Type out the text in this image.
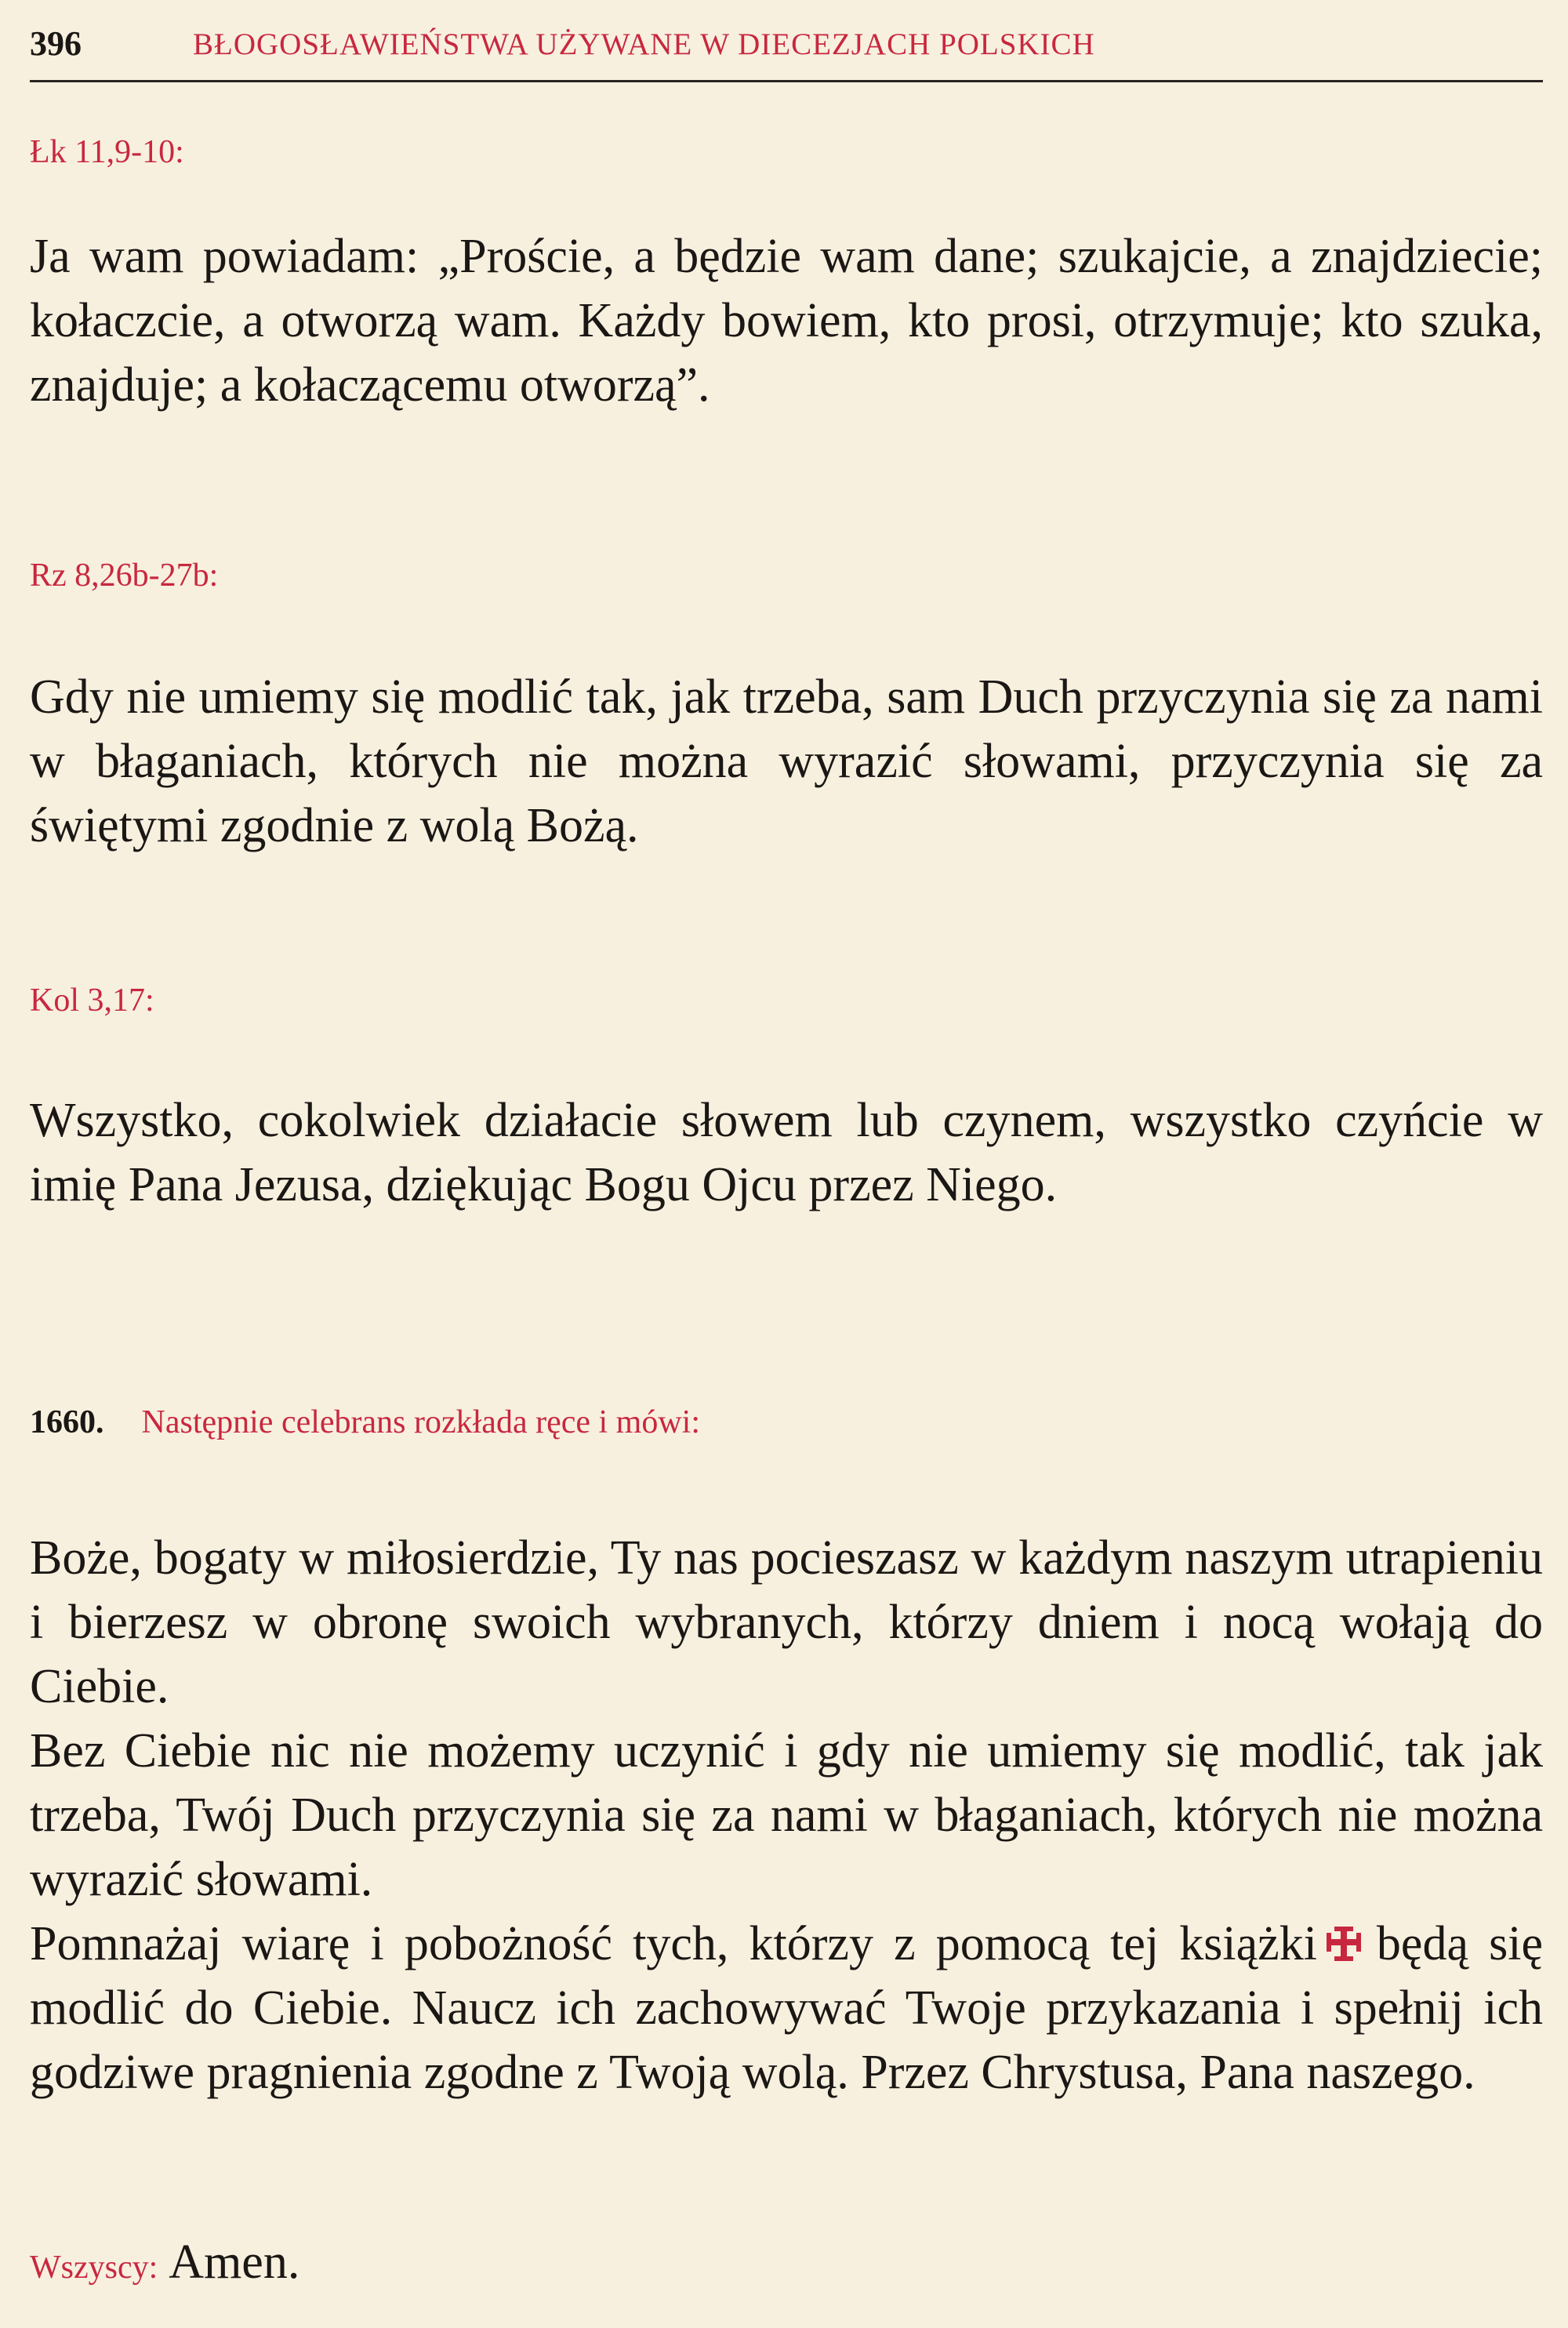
396	BŁOGOSŁAWIEŃSTWA UŻYWANE W DIECEZJACH POLSKICH
Łk 11,9-10:
Ja wam powiadam: „Proście, a będzie wam dane; szukajcie, a znajdziecie; kołaczcie, a otworzą wam. Każdy bowiem, kto prosi, otrzymuje; kto szuka, znajduje; a kołaczącemu otworzą”.
Rz 8,26b-27b:
Gdy nie umiemy się modlić tak, jak trzeba, sam Duch przyczynia się za nami w błaganiach, których nie można wyrazić słowami, przyczynia się za świętymi zgodnie z wolą Bożą.
Kol 3,17:
Wszystko, cokolwiek działacie słowem lub czynem, wszystko czyńcie w imię Pana Jezusa, dziękując Bogu Ojcu przez Niego.
1660. Następnie celebrans rozkłada ręce i mówi:
Boże, bogaty w miłosierdzie, Ty nas pocieszasz w każdym naszym utrapieniu i bierzesz w obronę swoich wybranych, którzy dniem i nocą wołają do Ciebie.
Bez Ciebie nic nie możemy uczynić i gdy nie umiemy się modlić, tak jak trzeba, Twój Duch przyczynia się za nami w błaganiach, których nie można wyrazić słowami.
Pomnażaj wiarę i pobożność tych, którzy z pomocą tej książki będą się modlić do Ciebie. Naucz ich zachowywać Twoje przykazania i spełnij ich godziwe pragnienia zgodne z Twoją wolą. Przez Chrystusa, Pana naszego.
Wszyscy: Amen.
